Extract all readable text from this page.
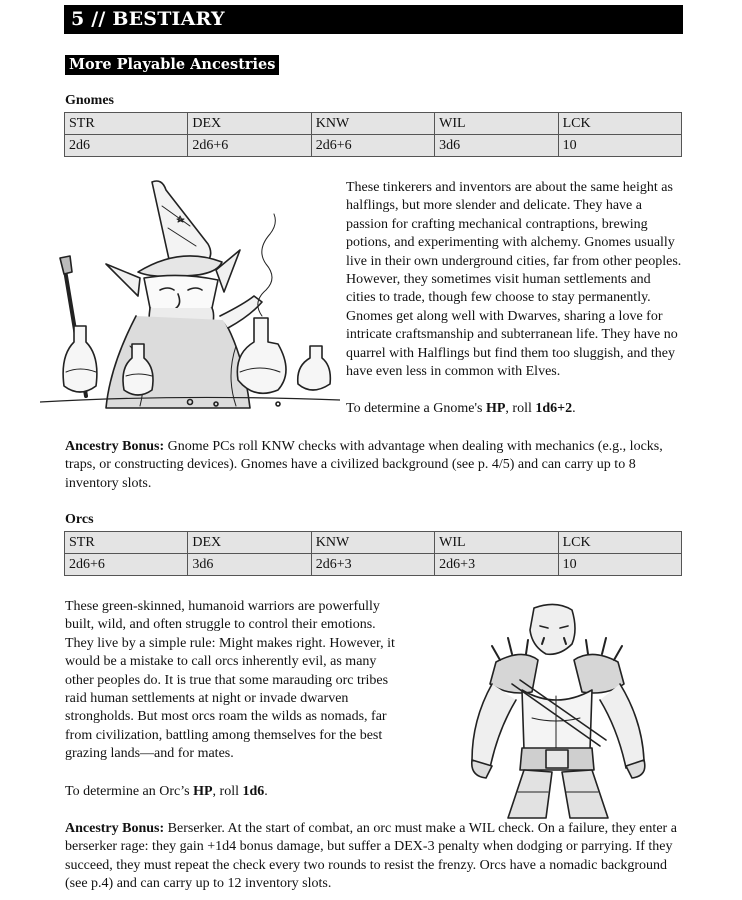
5 // BESTIARY
More Playable Ancestries
Gnomes
STR	DEX	KNW	WIL	LCK
2d6	2d6+6	2d6+6	3d6	10

These tinkerers and inventors are about the same height as halflings, but more slender and delicate. They have a passion for crafting mechanical contraptions, brewing potions, and experimenting with alchemy. Gnomes usually live in their own underground cities, far from other peoples. However, they sometimes visit human settlements and cities to trade, though few choose to stay permanently. Gnomes get along well with Dwarves, sharing a love for intricate craftsmanship and subterranean life. They have no quarrel with Halflings but find them too sluggish, and they have even less in common with Elves.

To determine a Gnome's HP, roll 1d6+2.

Ancestry Bonus: Gnome PCs roll KNW checks with advantage when dealing with mechanics (e.g., locks, traps, or constructing devices). Gnomes have a civilized background (see p. 4/5) and can carry up to 8 inventory slots.

Orcs
STR	DEX	KNW	WIL	LCK
2d6+6	3d6	2d6+3	2d6+3	10

These green-skinned, humanoid warriors are powerfully built, wild, and often struggle to control their emotions. They live by a simple rule: Might makes right. However, it would be a mistake to call orcs inherently evil, as many other peoples do. It is true that some marauding orc tribes raid human settlements at night or invade dwarven strongholds. But most orcs roam the wilds as nomads, far from civilization, battling among themselves for the best grazing lands—and for mates.

To determine an Orc’s HP, roll 1d6.

Ancestry Bonus: Berserker. At the start of combat, an orc must make a WIL check. On a failure, they enter a berserker rage: they gain +1d4 bonus damage, but suffer a DEX-3 penalty when dodging or parrying. If they succeed, they must repeat the check every two rounds to resist the frenzy. Orcs have a nomadic background (see p.4) and can carry up to 12 inventory slots.
